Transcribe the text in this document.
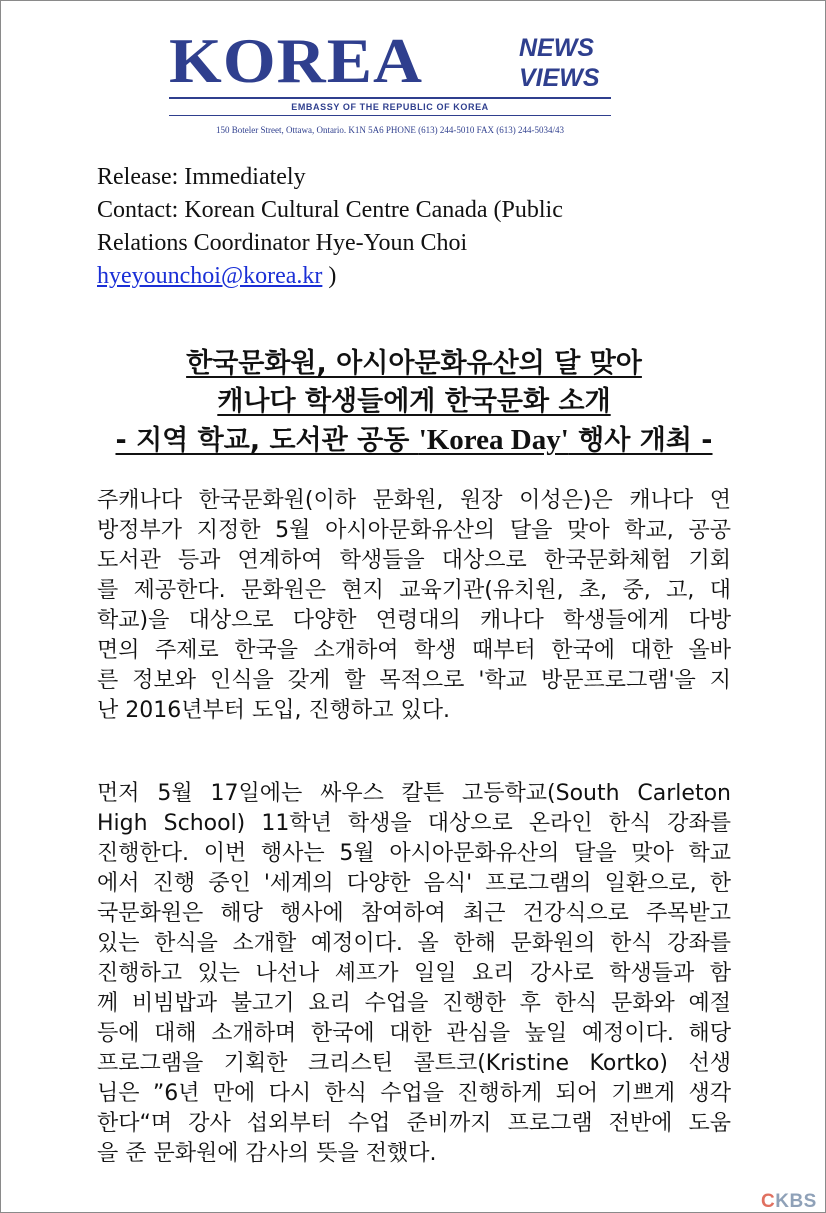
KOREA	NEWS
VIEWS
EMBASSY OF THE REPUBLIC OF KOREA
150 Boteler Street, Ottawa, Ontario. K1N 5A6 PHONE (613) 244-5010 FAX (613) 244-5034/43
Release: Immediately
Contact: Korean Cultural Centre Canada (Public
Relations Coordinator Hye-Youn Choi
hyeyounchoi@korea.kr )
한국문화원, 아시아문화유산의 달 맞아
캐나다 학생들에게 한국문화 소개
- 지역 학교, 도서관 공동 'Korea Day' 행사 개최 -
주캐나다 한국문화원(이하 문화원, 원장 이성은)은 캐나다 연
방정부가 지정한 5월 아시아문화유산의 달을 맞아 학교, 공공
도서관 등과 연계하여 학생들을 대상으로 한국문화체험 기회
를 제공한다. 문화원은 현지 교육기관(유치원, 초, 중, 고, 대
학교)을 대상으로 다양한 연령대의 캐나다 학생들에게 다방
면의 주제로 한국을 소개하여 학생 때부터 한국에 대한 올바
른 정보와 인식을 갖게 할 목적으로 '학교 방문프로그램'을 지
난 2016년부터 도입, 진행하고 있다.
먼저 5월 17일에는 싸우스 칼튼 고등학교(South Carleton
High School) 11학년 학생을 대상으로 온라인 한식 강좌를
진행한다. 이번 행사는 5월 아시아문화유산의 달을 맞아 학교
에서 진행 중인 '세계의 다양한 음식' 프로그램의 일환으로, 한
국문화원은 해당 행사에 참여하여 최근 건강식으로 주목받고
있는 한식을 소개할 예정이다. 올 한해 문화원의 한식 강좌를
진행하고 있는 나선나 셰프가 일일 요리 강사로 학생들과 함
께 비빔밥과 불고기 요리 수업을 진행한 후 한식 문화와 예절
등에 대해 소개하며 한국에 대한 관심을 높일 예정이다. 해당
프로그램을 기획한 크리스틴 콜트코(Kristine Kortko) 선생
님은 ”6년 만에 다시 한식 수업을 진행하게 되어 기쁘게 생각
한다“며 강사 섭외부터 수업 준비까지 프로그램 전반에 도움
을 준 문화원에 감사의 뜻을 전했다.
CKBS
